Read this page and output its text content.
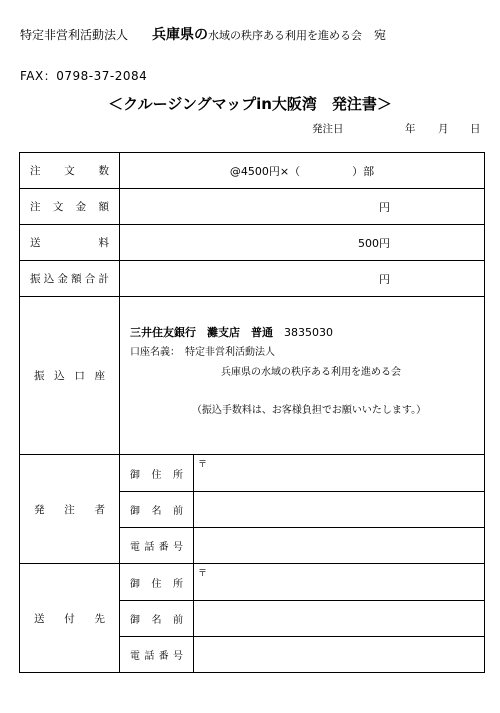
特定非営利活動法人　　 兵庫県の水域の秩序ある利用を進める会　 宛
FAX：0798-37-2084
＜クルージングマップin大阪湾　発注書＞
発注日	年 月 日
注文数	@4500円×（ ）部	
注文金額	円	
送料	500円	
振込金額合計	円	
振込口座	三井住友銀行　灘支店　普通　 3835030
口座名義：　 特定非営利活動法人
兵庫県の水域の秩序ある利用を進める会
（振込手数料は、お客様負担でお願いいたします。）	

発注者	御住所	〒
	御名前	
	電話番号	
送付先	御住所	〒
	御名前	
	電話番号	
